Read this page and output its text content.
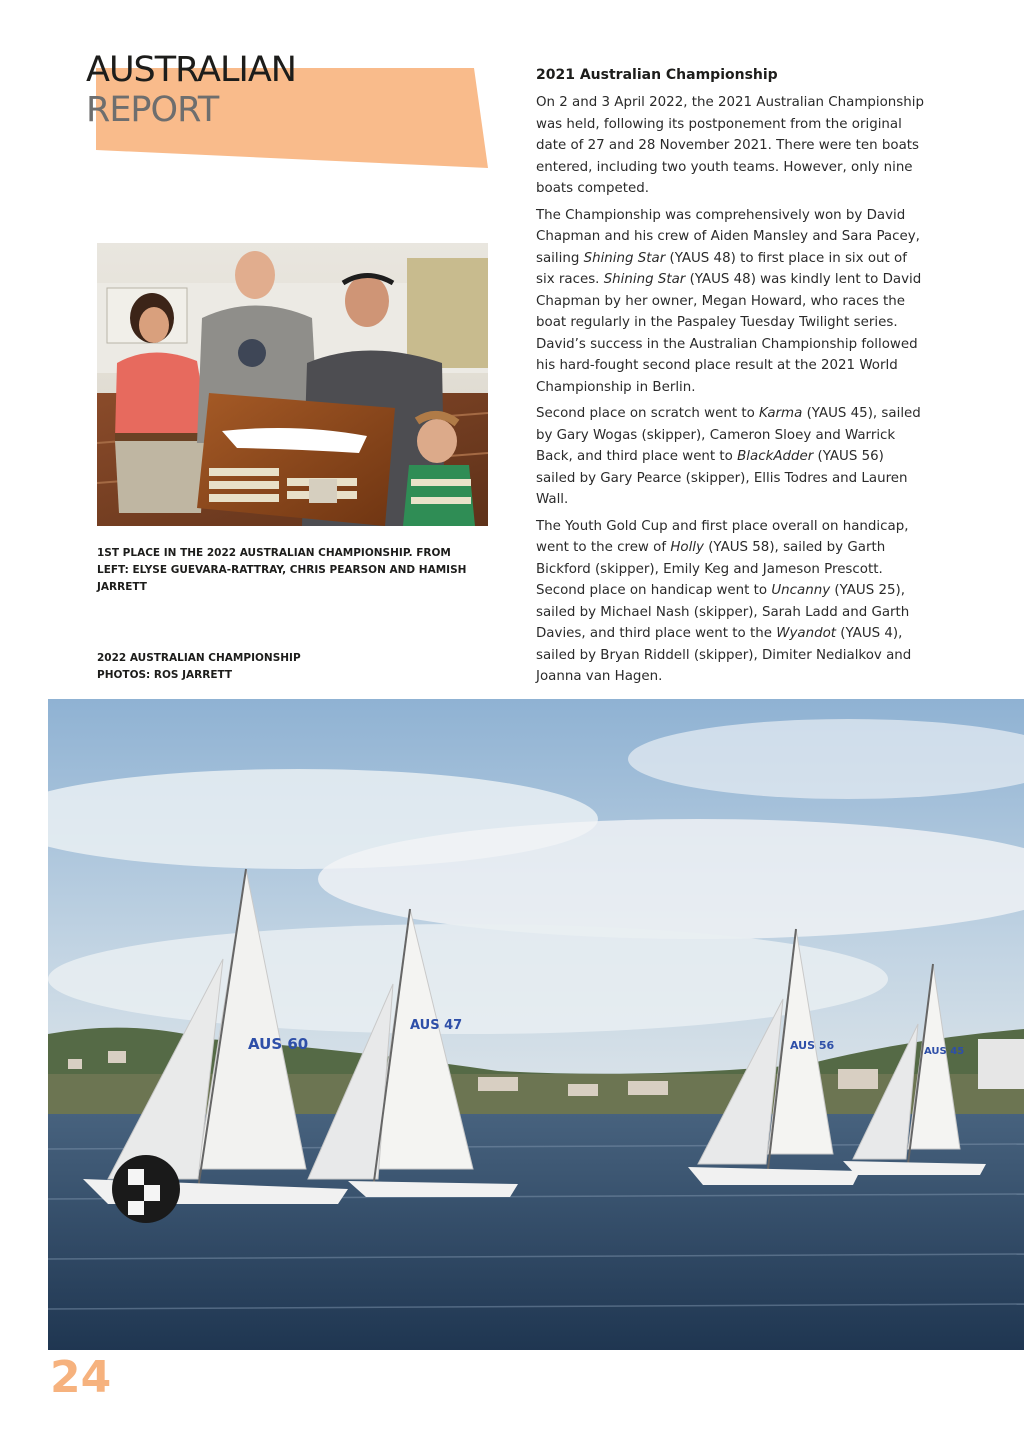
AUSTRALIAN
REPORT

1ST PLACE IN THE 2022 AUSTRALIAN CHAMPIONSHIP. FROM
LEFT: ELYSE GUEVARA-RATTRAY, CHRIS PEARSON AND HAMISH
JARRETT

2022 AUSTRALIAN CHAMPIONSHIP
PHOTOS: ROS JARRETT

2021 Australian Championship

On 2 and 3 April 2022, the 2021 Australian Championship was held, following its postponement from the original date of 27 and 28 November 2021. There were ten boats entered, including two youth teams. However, only nine boats competed.

The Championship was comprehensively won by David Chapman and his crew of Aiden Mansley and Sara Pacey, sailing Shining Star (YAUS 48) to first place in six out of six races. Shining Star (YAUS 48) was kindly lent to David Chapman by her owner, Megan Howard, who races the boat regularly in the Paspaley Tuesday Twilight series. David’s success in the Australian Championship followed his hard-fought second place result at the 2021 World Championship in Berlin.

Second place on scratch went to Karma (YAUS 45), sailed by Gary Wogas (skipper), Cameron Sloey and Warrick Back, and third place went to BlackAdder (YAUS 56) sailed by Gary Pearce (skipper), Ellis Todres and Lauren Wall.

The Youth Gold Cup and first place overall on handicap, went to the crew of Holly (YAUS 58), sailed by Garth Bickford (skipper), Emily Keg and Jameson Prescott. Second place on handicap went to Uncanny (YAUS 25), sailed by Michael Nash (skipper), Sarah Ladd and Garth Davies, and third place went to the Wyandot (YAUS 4), sailed by Bryan Riddell (skipper), Dimiter Nedialkov and Joanna van Hagen.

AUS 60
AUS 47
AUS 56	AUS 45
24
